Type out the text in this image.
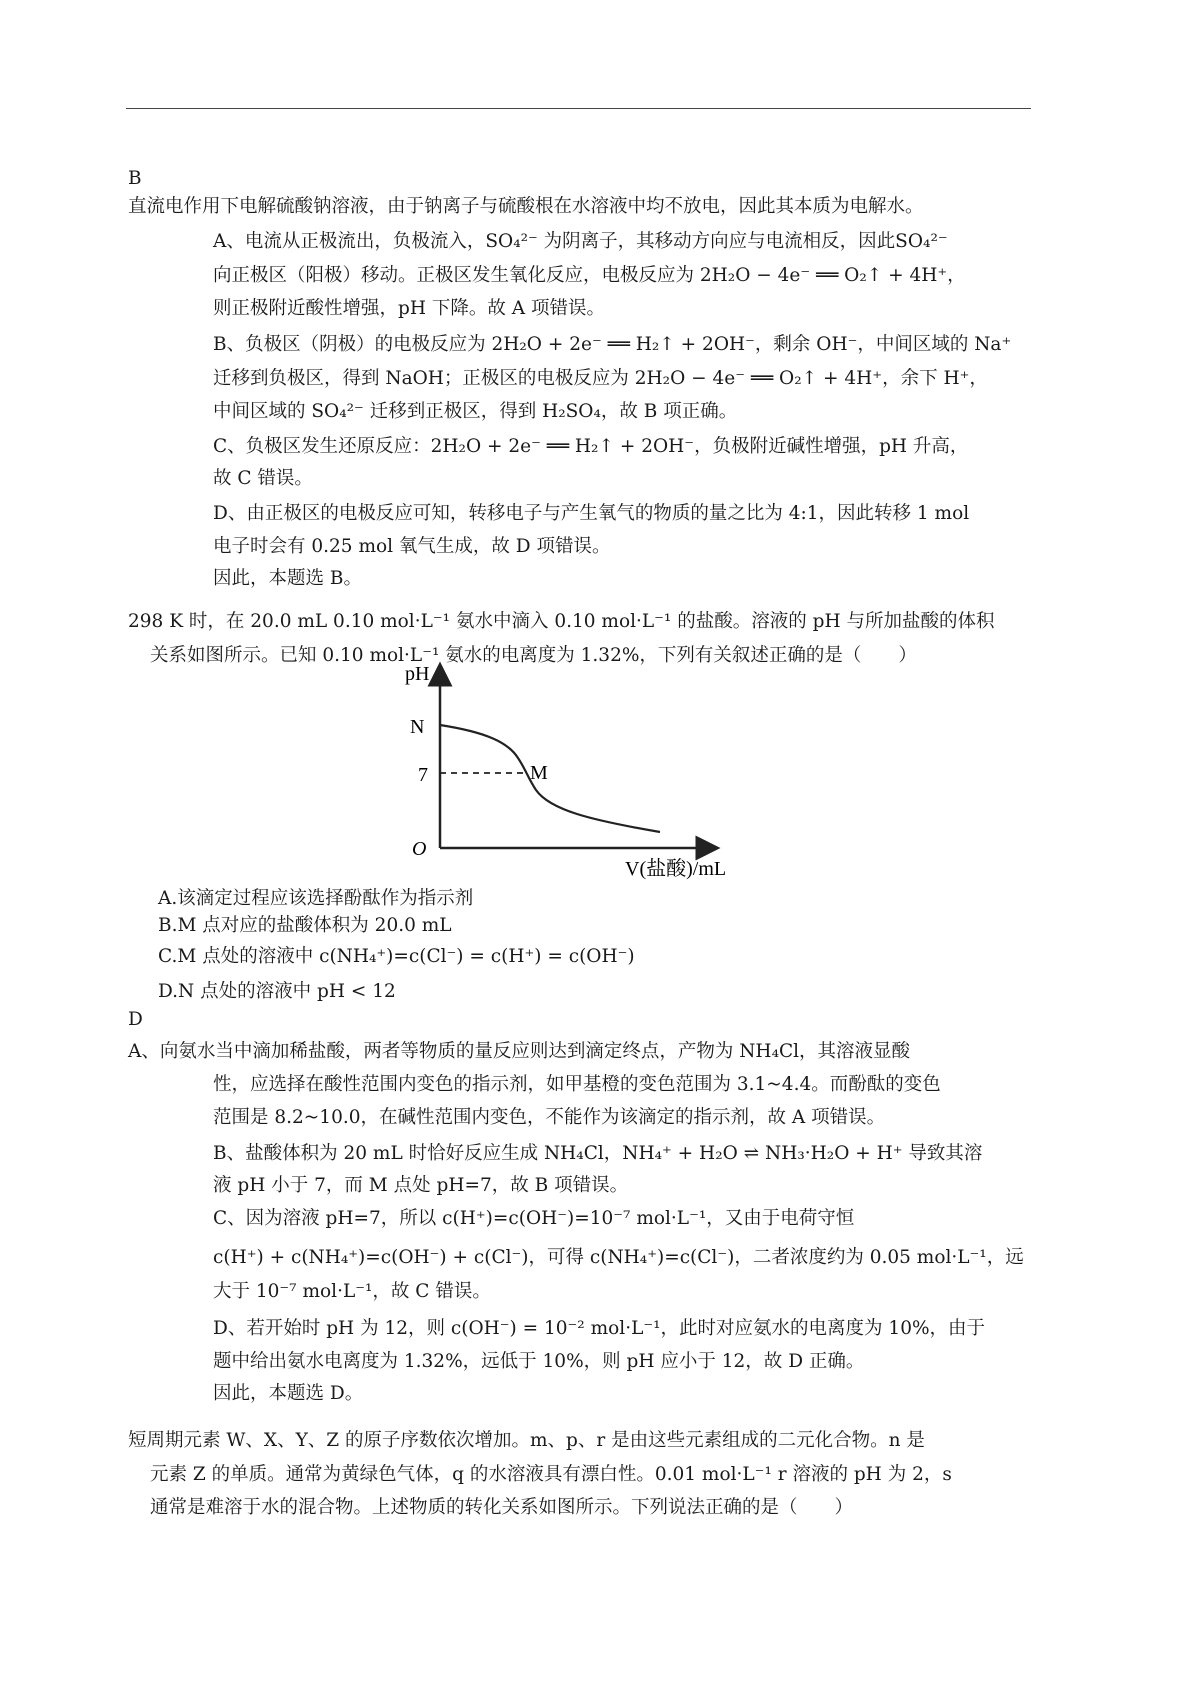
B
直流电作用下电解硫酸钠溶液，由于钠离子与硫酸根在水溶液中均不放电，因此其本质为电解水。
A、电流从正极流出，负极流入，SO₄²⁻ 为阴离子，其移动方向应与电流相反，因此SO₄²⁻
向正极区（阳极）移动。正极区发生氧化反应，电极反应为 2H₂O − 4e⁻ ══ O₂↑ + 4H⁺，
则正极附近酸性增强，pH 下降。故 A 项错误。
B、负极区（阴极）的电极反应为 2H₂O + 2e⁻ ══ H₂↑ + 2OH⁻，剩余 OH⁻，中间区域的 Na⁺
迁移到负极区，得到 NaOH；正极区的电极反应为 2H₂O − 4e⁻ ══ O₂↑ + 4H⁺，余下 H⁺，
中间区域的 SO₄²⁻ 迁移到正极区，得到 H₂SO₄，故 B 项正确。
C、负极区发生还原反应：2H₂O + 2e⁻ ══ H₂↑ + 2OH⁻，负极附近碱性增强，pH 升高，
故 C 错误。
D、由正极区的电极反应可知，转移电子与产生氧气的物质的量之比为 4:1，因此转移 1 mol
电子时会有 0.25 mol 氧气生成，故 D 项错误。
因此，本题选 B。
298 K 时，在 20.0 mL 0.10 mol·L⁻¹ 氨水中滴入 0.10 mol·L⁻¹ 的盐酸。溶液的 pH 与所加盐酸的体积
关系如图所示。已知 0.10 mol·L⁻¹ 氨水的电离度为 1.32%，下列有关叙述正确的是（　　）
pH
N
7	M
O
V(盐酸)/mL
A.该滴定过程应该选择酚酞作为指示剂
B.M 点对应的盐酸体积为 20.0 mL
C.M 点处的溶液中 c(NH₄⁺)=c(Cl⁻) = c(H⁺) = c(OH⁻)
D.N 点处的溶液中 pH < 12
D
A、向氨水当中滴加稀盐酸，两者等物质的量反应则达到滴定终点，产物为 NH₄Cl，其溶液显酸
性，应选择在酸性范围内变色的指示剂，如甲基橙的变色范围为 3.1~4.4。而酚酞的变色
范围是 8.2~10.0，在碱性范围内变色，不能作为该滴定的指示剂，故 A 项错误。
B、盐酸体积为 20 mL 时恰好反应生成 NH₄Cl，NH₄⁺ + H₂O ⇌ NH₃·H₂O + H⁺ 导致其溶
液 pH 小于 7，而 M 点处 pH=7，故 B 项错误。
C、因为溶液 pH=7，所以 c(H⁺)=c(OH⁻)=10⁻⁷ mol·L⁻¹，又由于电荷守恒
c(H⁺) + c(NH₄⁺)=c(OH⁻) + c(Cl⁻)，可得 c(NH₄⁺)=c(Cl⁻)，二者浓度约为 0.05 mol·L⁻¹，远
大于 10⁻⁷ mol·L⁻¹，故 C 错误。
D、若开始时 pH 为 12，则 c(OH⁻) = 10⁻² mol·L⁻¹，此时对应氨水的电离度为 10%，由于
题中给出氨水电离度为 1.32%，远低于 10%，则 pH 应小于 12，故 D 正确。
因此，本题选 D。
短周期元素 W、X、Y、Z 的原子序数依次增加。m、p、r 是由这些元素组成的二元化合物。n 是
元素 Z 的单质。通常为黄绿色气体，q 的水溶液具有漂白性。0.01 mol·L⁻¹ r 溶液的 pH 为 2，s
通常是难溶于水的混合物。上述物质的转化关系如图所示。下列说法正确的是（　　）
